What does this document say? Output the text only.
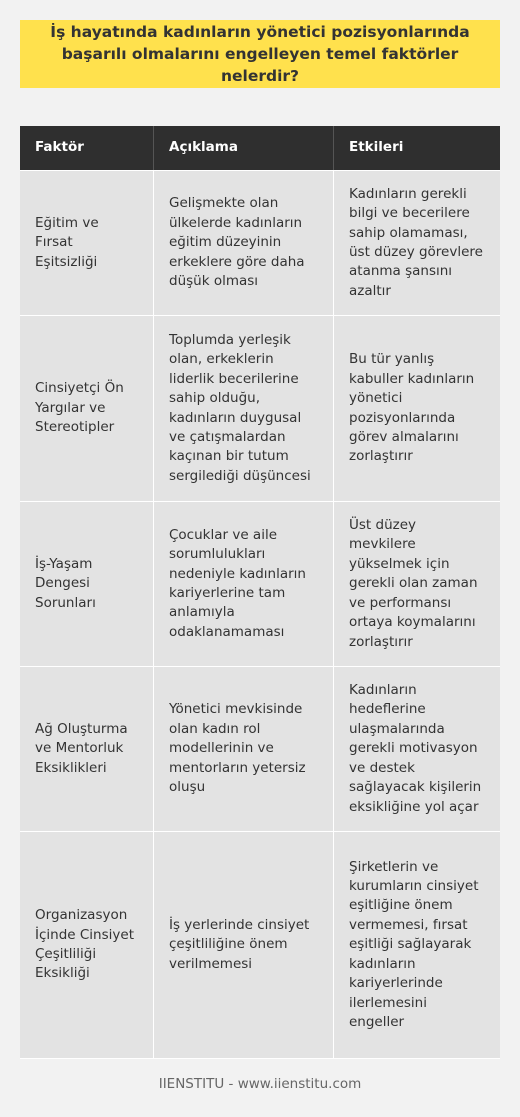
İş hayatında kadınların yönetici pozisyonlarında başarılı olmalarını engelleyen temel faktörler nelerdir?
Faktör	Açıklama	Etkileri
Eğitim ve Fırsat Eşitsizliği
Gelişmekte olan ülkelerde kadınların eğitim düzeyinin erkeklere göre daha düşük olması
Kadınların gerekli bilgi ve becerilere sahip olamaması, üst düzey görevlere atanma şansını azaltır
Cinsiyetçi Ön Yargılar ve Stereotipler
Toplumda yerleşik olan, erkeklerin liderlik becerilerine sahip olduğu, kadınların duygusal ve çatışmalardan kaçınan bir tutum sergilediği düşüncesi
Bu tür yanlış kabuller kadınların yönetici pozisyonlarında görev almalarını zorlaştırır
İş-Yaşam Dengesi Sorunları
Çocuklar ve aile sorumlulukları nedeniyle kadınların kariyerlerine tam anlamıyla odaklanamaması
Üst düzey mevkilere yükselmek için gerekli olan zaman ve performansı ortaya koymalarını zorlaştırır
Ağ Oluşturma ve Mentorluk Eksiklikleri
Yönetici mevkisinde olan kadın rol modellerinin ve mentorların yetersiz oluşu
Kadınların hedeflerine ulaşmalarında gerekli motivasyon ve destek sağlayacak kişilerin eksikliğine yol açar
Organizasyon İçinde Cinsiyet Çeşitliliği Eksikliği
İş yerlerinde cinsiyet çeşitliliğine önem verilmemesi
Şirketlerin ve kurumların cinsiyet eşitliğine önem vermemesi, fırsat eşitliği sağlayarak kadınların kariyerlerinde ilerlemesini engeller
IIENSTITU - www.iienstitu.com
